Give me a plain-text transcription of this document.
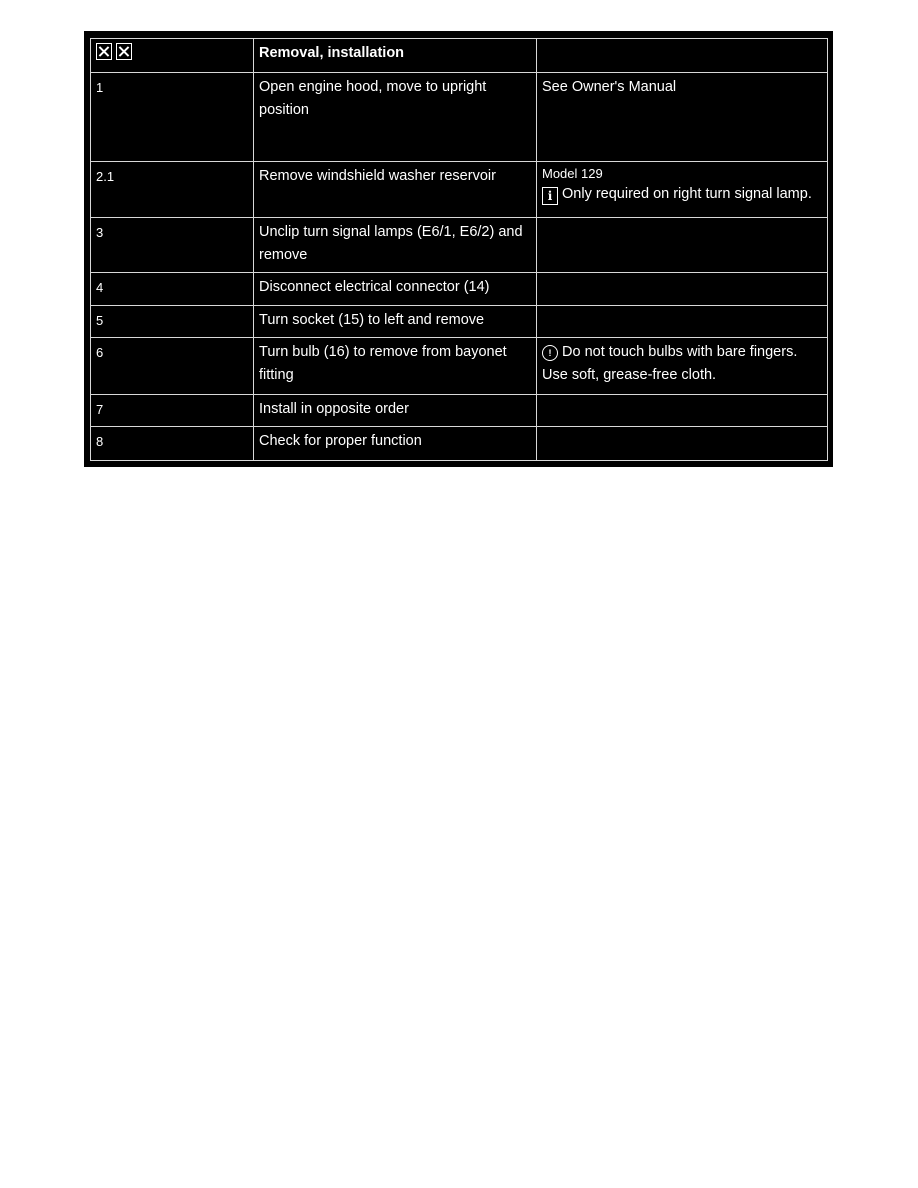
	Removal, installation	
1	Open engine hood, move to upright position	See Owner's Manual
2.1	Remove windshield washer reservoir	Model 129
i Only required on right turn signal lamp.

3	Unclip turn signal lamps (E6/1, E6/2) and remove	
4	Disconnect electrical connector (14)	
5	Turn socket (15) to left and remove	
6	Turn bulb (16) to remove from bayonet fitting	! Do not touch bulbs with bare fingers.
Use soft, grease-free cloth.

7	Install in opposite order	
8	Check for proper function	
